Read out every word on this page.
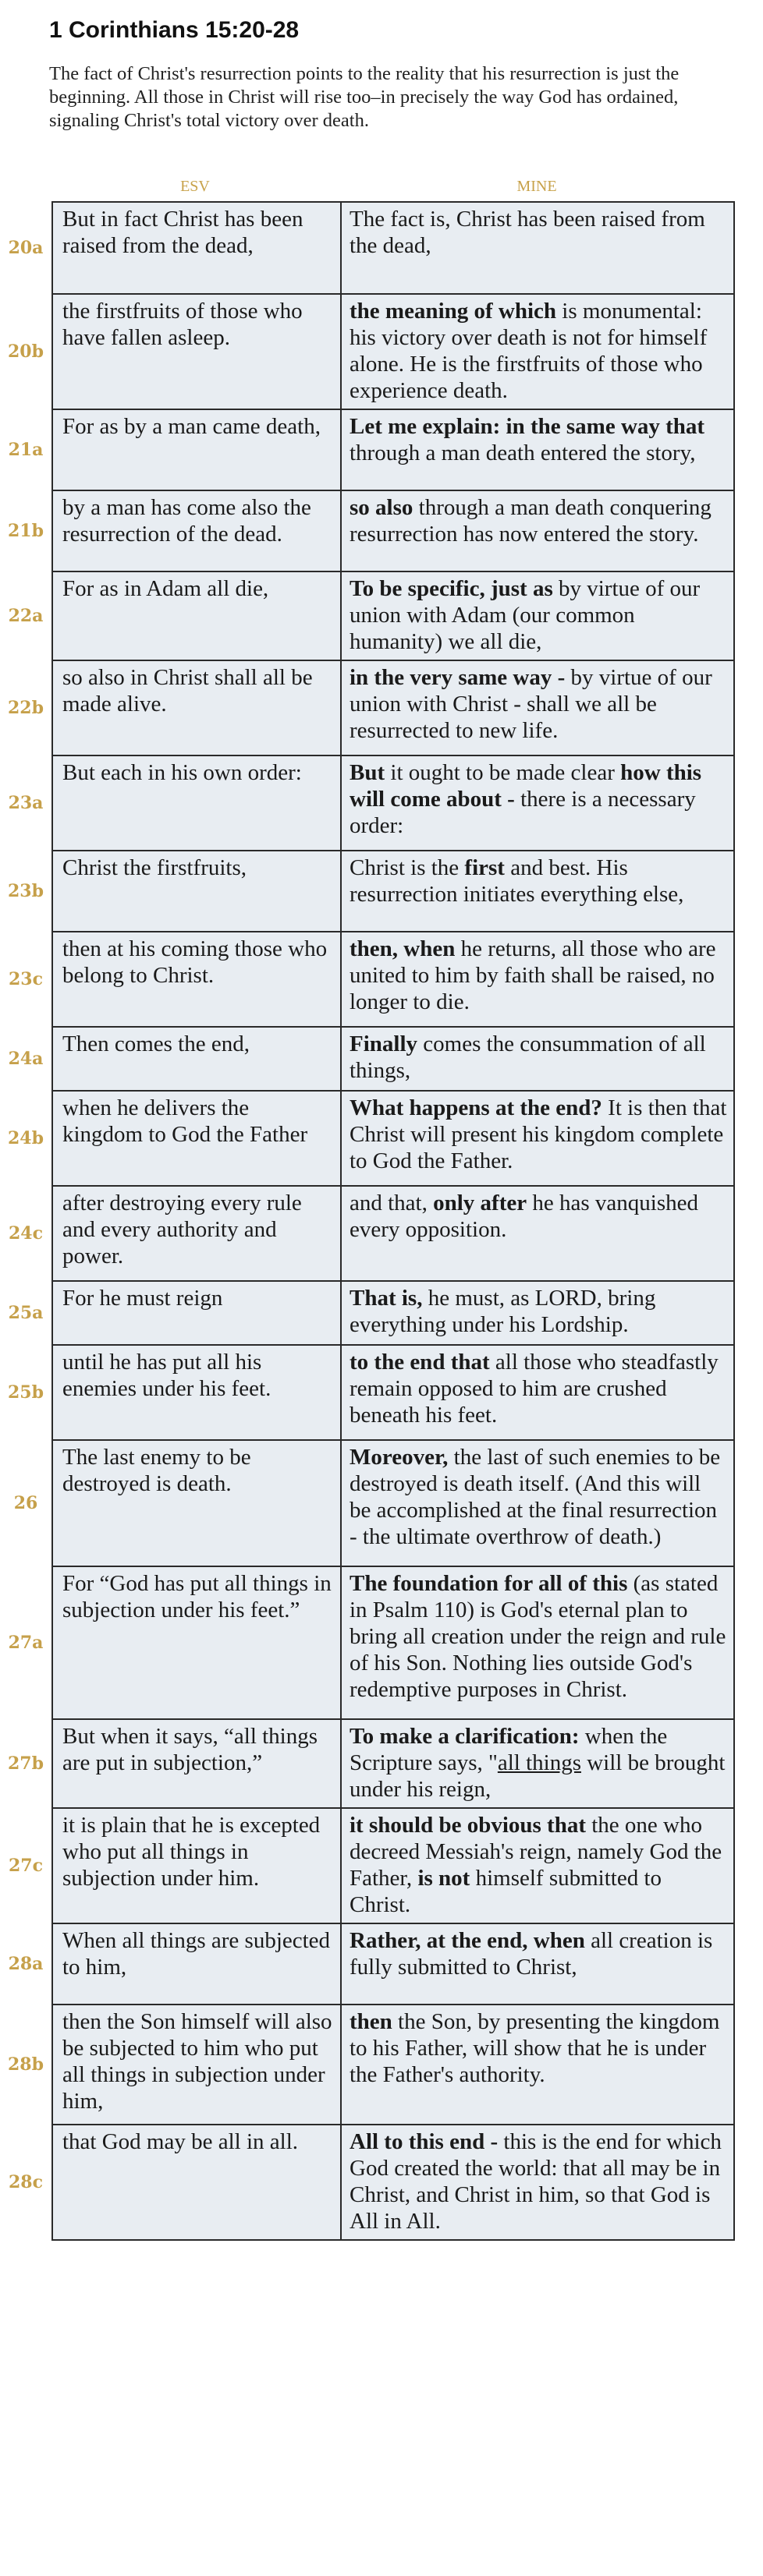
1 Corinthians 15:20-28

The fact of Christ's resurrection points to the reality that his resurrection is just the beginning. All those in Christ will rise too–in precisely the way God has ordained, signaling Christ's total victory over death.

ESV	MINE
20a	But in fact Christ has been raised from the dead,	The fact is, Christ has been raised from the dead,

20b	the firstfruits of those who have fallen asleep.	the meaning of which is monumental: his victory over death is not for himself alone. He is the firstfruits of those who experience death.

21a	For as by a man came death,	Let me explain: in the same way that through a man death entered the story,

21b	by a man has come also the resurrection of the dead.	so also through a man death conquering resurrection has now entered the story.

22a	For as in Adam all die,	To be specific, just as by virtue of our union with Adam (our common humanity) we all die,

22b	so also in Christ shall all be made alive.	in the very same way - by virtue of our union with Christ - shall we all be resurrected to new life.

23a	But each in his own order:	But it ought to be made clear how this will come about - there is a necessary order:

23b	Christ the firstfruits,	Christ is the first and best. His resurrection initiates everything else,

23c	then at his coming those who belong to Christ.	then, when he returns, all those who are united to him by faith shall be raised, no longer to die.

24a	Then comes the end,	Finally comes the consummation of all things,

24b	when he delivers the kingdom to God the Father	What happens at the end? It is then that Christ will present his kingdom complete to God the Father.

24c	after destroying every rule and every authority and power.	and that, only after he has vanquished every opposition.

25a	For he must reign	That is, he must, as LORD, bring everything under his Lordship.

25b	until he has put all his enemies under his feet.	to the end that all those who steadfastly remain opposed to him are crushed beneath his feet.

26	The last enemy to be destroyed is death.	Moreover, the last of such enemies to be destroyed is death itself. (And this will be accomplished at the final resurrection - the ultimate overthrow of death.)

27a	For “God has put all things in subjection under his feet.”	The foundation for all of this (as stated in Psalm 110) is God's eternal plan to bring all creation under the reign and rule of his Son. Nothing lies outside God's redemptive purposes in Christ.

27b	But when it says, “all things are put in subjection,”	To make a clarification: when the Scripture says, "all things will be brought under his reign,

27c	it is plain that he is excepted who put all things in subjection under him.	it should be obvious that the one who decreed Messiah's reign, namely God the Father, is not himself submitted to Christ.

28a	When all things are subjected to him,	Rather, at the end, when all creation is fully submitted to Christ,

28b	then the Son himself will also be subjected to him who put all things in subjection under him,	then the Son, by presenting the kingdom to his Father, will show that he is under the Father's authority.

28c	that God may be all in all.	All to this end - this is the end for which God created the world: that all may be in Christ, and Christ in him, so that God is All in All.
